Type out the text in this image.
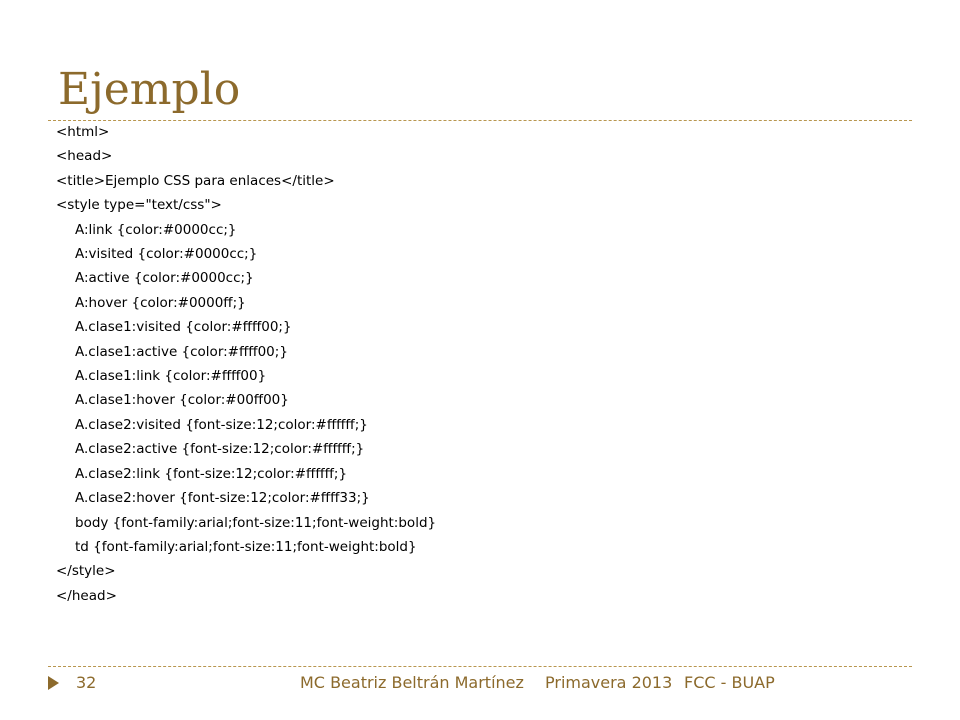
Ejemplo
<html>
<head>
<title>Ejemplo CSS para enlaces</title>
<style type="text/css">
A:link {color:#0000cc;}
A:visited {color:#0000cc;}
A:active {color:#0000cc;}
A:hover {color:#0000ff;}
A.clase1:visited {color:#ffff00;}
A.clase1:active {color:#ffff00;}
A.clase1:link {color:#ffff00}
A.clase1:hover {color:#00ff00}
A.clase2:visited {font-size:12;color:#ffffff;}
A.clase2:active {font-size:12;color:#ffffff;}
A.clase2:link {font-size:12;color:#ffffff;}
A.clase2:hover {font-size:12;color:#ffff33;}
body {font-family:arial;font-size:11;font-weight:bold}
td {font-family:arial;font-size:11;font-weight:bold}
</style>
</head>
32	MC Beatriz Beltrán Martínez Primavera 2013 FCC - BUAP
